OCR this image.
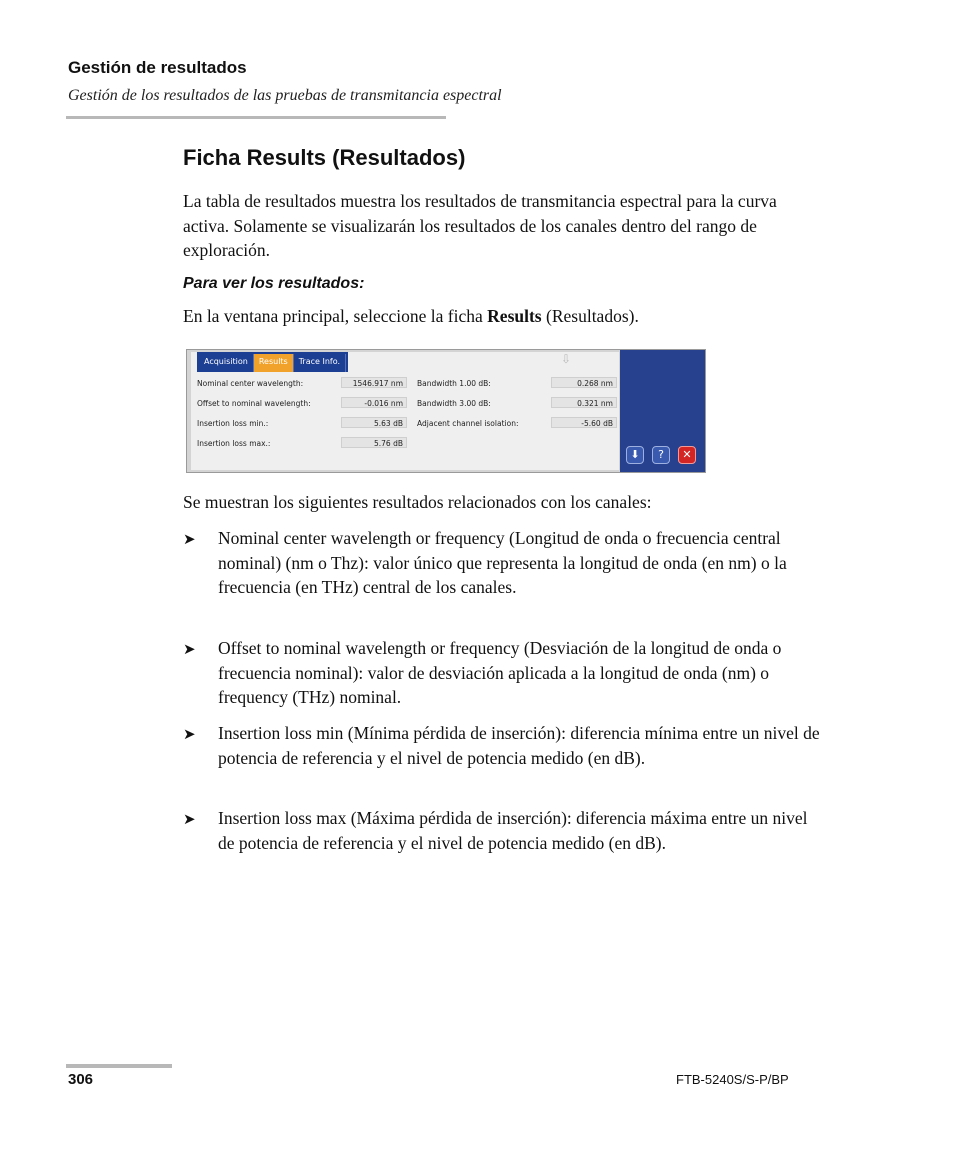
Gestión de resultados
Gestión de los resultados de las pruebas de transmitancia espectral
Ficha Results (Resultados)

La tabla de resultados muestra los resultados de transmitancia espectral para la curva activa. Solamente se visualizarán los resultados de los canales dentro del rango de exploración.

Para ver los resultados:

En la ventana principal, seleccione la ficha Results (Resultados).

Acquisition	Results	Trace Info.	⇩
Nominal center wavelength:	1546.917 nm
Offset to nominal wavelength:	-0.016 nm
Insertion loss min.:	5.63 dB
Insertion loss max.:	5.76 dB
Bandwidth 1.00 dB:	0.268 nm
Bandwidth 3.00 dB:	0.321 nm
Adjacent channel isolation:	-5.60 dB
⬇	?	✕

Se muestran los siguientes resultados relacionados con los canales:

➤ Nominal center wavelength or frequency (Longitud de onda o frecuencia central nominal) (nm o Thz): valor único que representa la longitud de onda (en nm) o la frecuencia (en THz) central de los canales.

➤ Offset to nominal wavelength or frequency (Desviación de la longitud de onda o frecuencia nominal): valor de desviación aplicada a la longitud de onda (nm) o frequency (THz) nominal.

➤ Insertion loss min (Mínima pérdida de inserción): diferencia mínima entre un nivel de potencia de referencia y el nivel de potencia medido (en dB).

➤ Insertion loss max (Máxima pérdida de inserción): diferencia máxima entre un nivel de potencia de referencia y el nivel de potencia medido (en dB).

306	FTB-5240S/S-P/BP
